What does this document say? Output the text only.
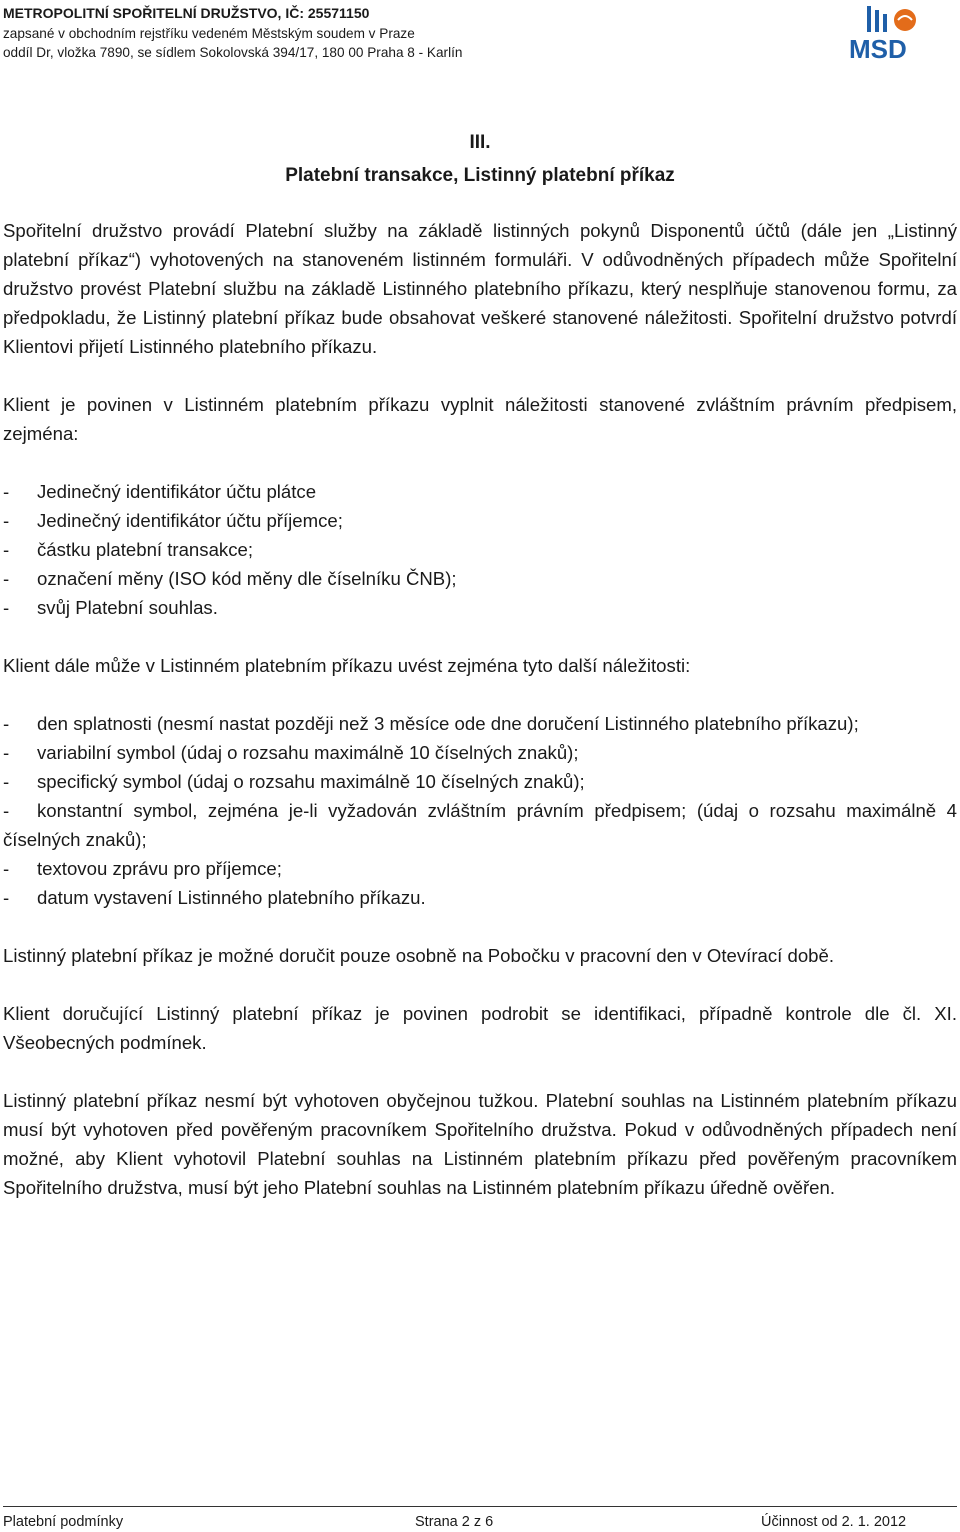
METROPOLITNÍ SPOŘITELNÍ DRUŽSTVO, IČ: 25571150
zapsané v obchodním rejstříku vedeném Městským soudem v Praze
oddíl Dr, vložka 7890, se sídlem Sokolovská 394/17, 180 00 Praha 8 - Karlín	MSD
III.
Platební transakce, Listinný platební příkaz

Spořitelní družstvo provádí Platební služby na základě listinných pokynů Disponentů účtů (dále jen „Listinný platební příkaz“) vyhotovených na stanoveném listinném formuláři. V odůvodněných případech může Spořitelní družstvo provést Platební službu na základě Listinného platebního příkazu, který nesplňuje stanovenou formu, za předpokladu, že Listinný platební příkaz bude obsahovat veškeré stanovené náležitosti. Spořitelní družstvo potvrdí Klientovi přijetí Listinného platebního příkazu.

Klient je povinen v Listinném platebním příkazu vyplnit náležitosti stanovené zvláštním právním předpisem, zejména:

- Jedinečný identifikátor účtu plátce
- Jedinečný identifikátor účtu příjemce;
- částku platební transakce;
- označení měny (ISO kód měny dle číselníku ČNB);
- svůj Platební souhlas.

Klient dále může v Listinném platebním příkazu uvést zejména tyto další náležitosti:

- den splatnosti (nesmí nastat později než 3 měsíce ode dne doručení Listinného platebního příkazu);
- variabilní symbol (údaj o rozsahu maximálně 10 číselných znaků);
- specifický symbol (údaj o rozsahu maximálně 10 číselných znaků);
- konstantní symbol, zejména je-li vyžadován zvláštním právním předpisem; (údaj o rozsahu maximálně 4 číselných znaků);
- textovou zprávu pro příjemce;
- datum vystavení Listinného platebního příkazu.

Listinný platební příkaz je možné doručit pouze osobně na Pobočku v pracovní den v Otevírací době.

Klient doručující Listinný platební příkaz je povinen podrobit se identifikaci, případně kontrole dle čl. XI. Všeobecných podmínek.

Listinný platební příkaz nesmí být vyhotoven obyčejnou tužkou. Platební souhlas na Listinném platebním příkazu musí být vyhotoven před pověřeným pracovníkem Spořitelního družstva. Pokud v odůvodněných případech není možné, aby Klient vyhotovil Platební souhlas na Listinném platebním příkazu před pověřeným pracovníkem Spořitelního družstva, musí být jeho Platební souhlas na Listinném platebním příkazu úředně ověřen.

Platební podmínky	Strana 2 z 6	Účinnost od 2. 1. 2012
